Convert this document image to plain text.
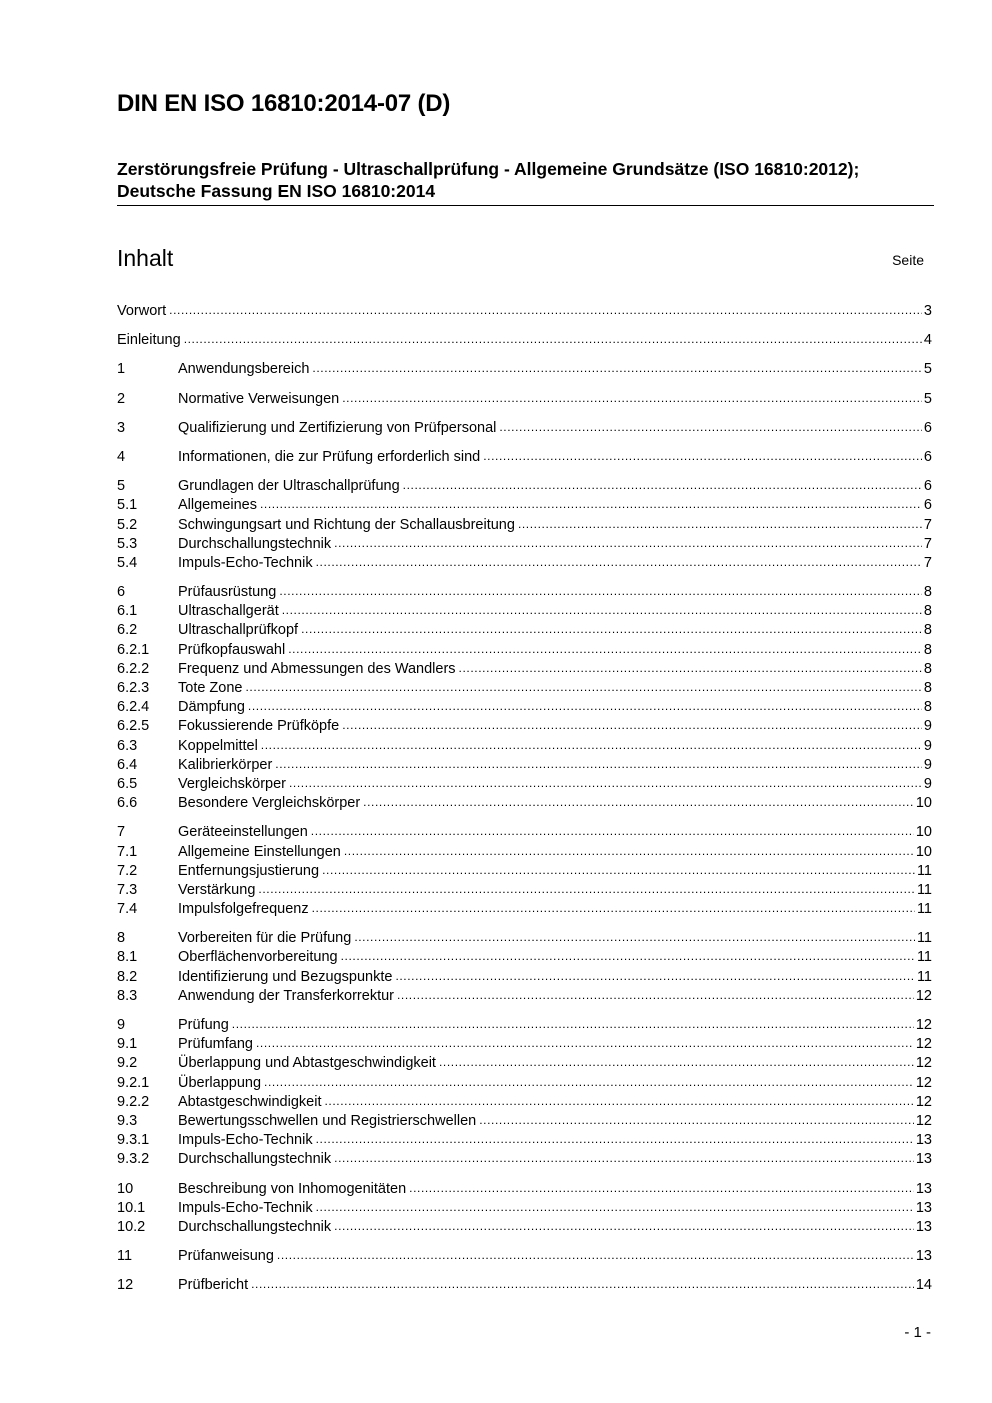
DIN EN ISO 16810:2014-07 (D)
Zerstörungsfreie Prüfung - Ultraschallprüfung - Allgemeine Grundsätze (ISO 16810:2012); Deutsche Fassung EN ISO 16810:2014
Inhalt	Seite
Vorwort .....	3
Einleitung .....	4
1	Anwendungsbereich .....	5
2	Normative Verweisungen .....	5
3	Qualifizierung und Zertifizierung von Prüfpersonal .....	6
4	Informationen, die zur Prüfung erforderlich sind .....	6
5	Grundlagen der Ultraschallprüfung .....	6
5.1	Allgemeines .....	6
5.2	Schwingungsart und Richtung der Schallausbreitung .....	7
5.3	Durchschallungstechnik .....	7
5.4	Impuls-Echo-Technik .....	7
6	Prüfausrüstung .....	8
6.1	Ultraschallgerät .....	8
6.2	Ultraschallprüfkopf .....	8
6.2.1	Prüfkopfauswahl .....	8
6.2.2	Frequenz und Abmessungen des Wandlers .....	8
6.2.3	Tote Zone .....	8
6.2.4	Dämpfung .....	8
6.2.5	Fokussierende Prüfköpfe .....	9
6.3	Koppelmittel .....	9
6.4	Kalibrierkörper .....	9
6.5	Vergleichskörper .....	9
6.6	Besondere Vergleichskörper .....	10
7	Geräteeinstellungen .....	10
7.1	Allgemeine Einstellungen .....	10
7.2	Entfernungsjustierung .....	11
7.3	Verstärkung .....	11
7.4	Impulsfolgefrequenz .....	11
8	Vorbereiten für die Prüfung .....	11
8.1	Oberflächenvorbereitung .....	11
8.2	Identifizierung und Bezugspunkte .....	11
8.3	Anwendung der Transferkorrektur .....	12
9	Prüfung .....	12
9.1	Prüfumfang .....	12
9.2	Überlappung und Abtastgeschwindigkeit .....	12
9.2.1	Überlappung .....	12
9.2.2	Abtastgeschwindigkeit .....	12
9.3	Bewertungsschwellen und Registrierschwellen .....	12
9.3.1	Impuls-Echo-Technik .....	13
9.3.2	Durchschallungstechnik .....	13
10	Beschreibung von Inhomogenitäten .....	13
10.1	Impuls-Echo-Technik .....	13
10.2	Durchschallungstechnik .....	13
11	Prüfanweisung .....	13
12	Prüfbericht .....	14
- 1 -
